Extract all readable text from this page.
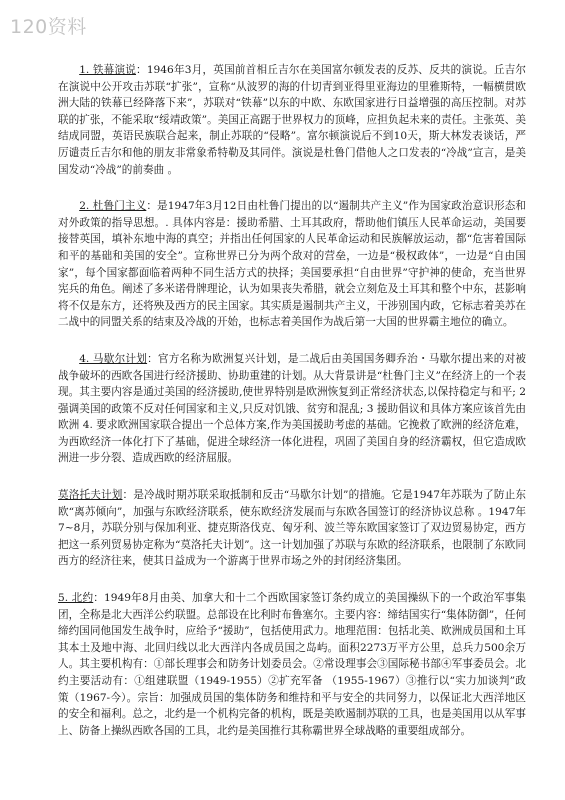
120资料

1. 铁幕演说：1946年3月，英国前首相丘吉尔在美国富尔顿发表的反苏、反共的演说。丘吉尔在演说中公开攻击苏联“扩张”，宣称“从波罗的海的什切青到亚得里亚海边的里雅斯特，一幅横贯欧洲大陆的铁幕已经降落下来”，苏联对“铁幕”以东的中欧、东欧国家进行日益增强的高压控制。对苏联的扩张，不能采取“绥靖政策”。美国正高踞于世界权力的顶峰，应担负起未来的责任。主张英、美结成同盟，英语民族联合起来，制止苏联的“侵略”。富尔顿演说后不到10天，斯大林发表谈话，严厉谴责丘吉尔和他的朋友非常象希特勒及其同伴。演说是杜鲁门借他人之口发表的“冷战”宣言，是美国发动“冷战”的前奏曲 。

2. 杜鲁门主义：是1947年3月12日由杜鲁门提出的以“遏制共产主义”作为国家政治意识形态和对外政策的指导思想。. 具体内容是：援助希腊、土耳其政府，帮助他们镇压人民革命运动，美国要接替英国，填补东地中海的真空；并指出任何国家的人民革命运动和民族解放运动，都“危害着国际和平的基础和美国的安全”。宣称世界已分为两个敌对的营垒，一边是“极权政体”，一边是“自由国家”，每个国家都面临着两种不同生活方式的抉择；美国要承担“自由世界”守护神的使命，充当世界宪兵的角色。阐述了多米诺骨牌理论，认为如果丧失希腊，就会立刻危及土耳其和整个中东，甚影响将不仅是东方，还将殃及西方的民主国家。其实质是遏制共产主义，干涉别国内政，它标志着美苏在二战中的同盟关系的结束及冷战的开始，也标志着美国作为战后第一大国的世界霸主地位的确立。

4. 马歇尔计划：官方名称为欧洲复兴计划，是二战后由美国国务卿乔治・马歇尔提出来的对被战争破坏的西欧各国进行经济援助、协助重建的计划。从大背景讲是“杜鲁门主义”在经济上的一个表现。其主要内容是通过美国的经济援助,使世界特别是欧洲恢复到正常经济状态,以保持稳定与和平; 2 强调美国的政策不反对任何国家和主义,只反对饥饿、贫穷和混乱; 3 援助倡议和具体方案应该首先由欧洲 4. 要求欧洲国家联合提出一个总体方案,作为美国援助考虑的基础。它挽救了欧洲的经济危难，为西欧经济一体化打下了基础，促进全球经济一体化进程，巩固了美国自身的经济霸权，但它造成欧洲进一步分裂、造成西欧的经济屈服。

莫洛托夫计划：是冷战时期苏联采取抵制和反击“马歇尔计划”的措施。它是1947年苏联为了防止东欧“离苏倾向”，加强与东欧经济联系，使东欧经济发展而与东欧各国签订的经济协议总称 。1947年7~8月，苏联分别与保加利亚、捷克斯洛伐克、匈牙利、波兰等东欧国家签订了双边贸易协定，西方把这一系列贸易协定称为“莫洛托夫计划”。这一计划加强了苏联与东欧的经济联系，也限制了东欧同西方的经济往来，使其日益成为一个游离于世界市场之外的封闭经济集团。

5. 北约：1949年8月由美、加拿大和十二个西欧国家签订条约成立的美国操纵下的一个政治军事集团，全称是北大西洋公约联盟。总部设在比利时布鲁塞尔。主要内容：缔结国实行“集体防御”，任何缔约国同他国发生战争时，应给予“援助”，包括使用武力。地理范围：包括北美、欧洲成员国和土耳其本土及地中海、北回归线以北大西洋内各成员国之岛屿。面积2273万平方公里，总兵力500余万人。其主要机构有：①部长理事会和防务计划委员会。②常设理事会③国际秘书部④军事委员会。北约主要活动有：①组建联盟（1949-1955）②扩充军备 （1955-1967）③推行以“实力加谈判”政策（1967-今）。宗旨：加强成员国的集体防务和维持和平与安全的共同努力，以保证北大西洋地区的安全和福利。总之，北约是一个机构完备的机构，既是美欧遏制苏联的工具，也是美国用以从军事上、防备上操纵西欧各国的工具，北约是美国推行其称霸世界全球战略的重要组成部分。
